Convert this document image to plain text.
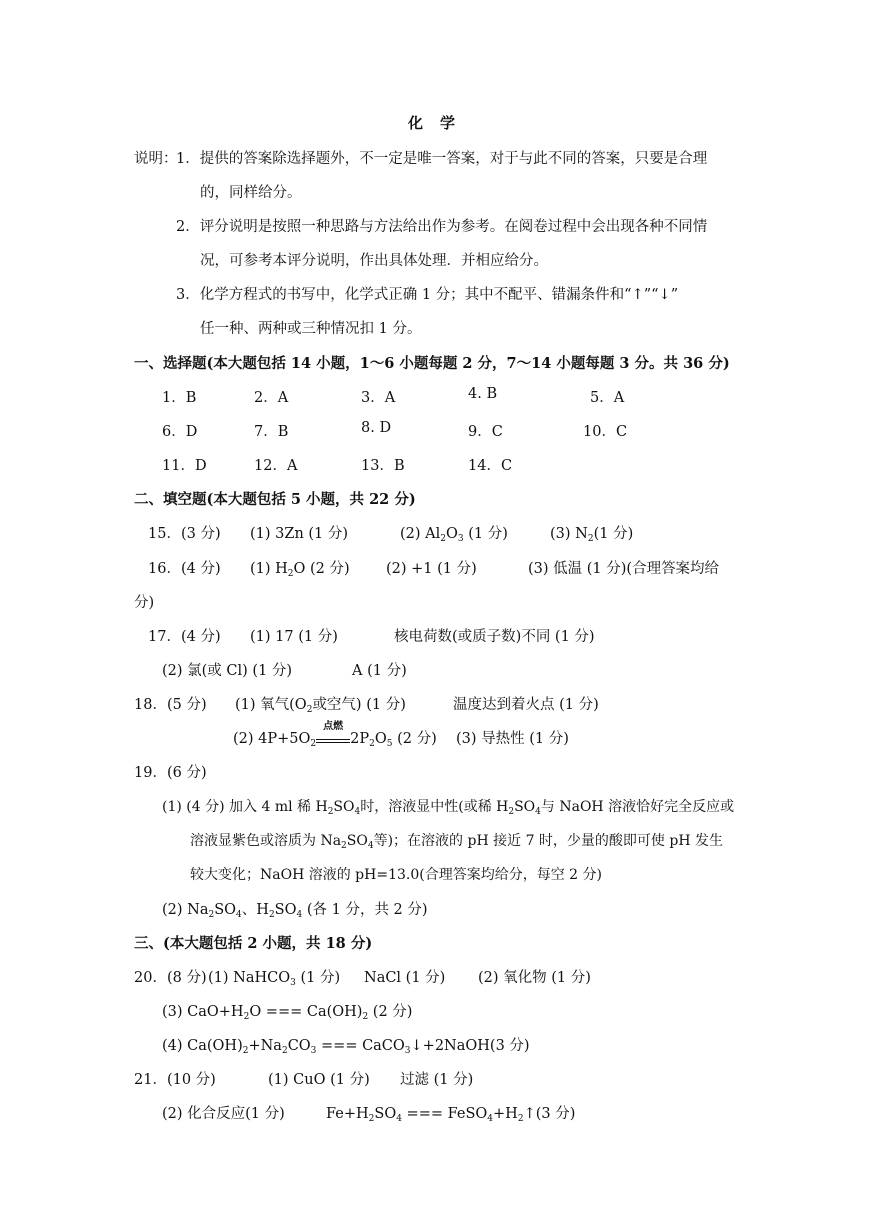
化　学
说明：
1．提供的答案除选择题外，不一定是唯一答案，对于与此不同的答案，只要是合理
的，同样给分。
2．评分说明是按照一种思路与方法给出作为参考。在阅卷过程中会出现各种不同情
况，可参考本评分说明，作出具体处理．并相应给分。
3．化学方程式的书写中，化学式正确 1 分；其中不配平、错漏条件和“↑”“↓”
任一种、两种或三种情况扣 1 分。
一、选择题(本大题包括 14 小题，1～6 小题每题 2 分，7～14 小题每题 3 分。共 36 分)
1．B	2．A	3．A	4. B	5．A
6．D	7．B	8. D	9．C	10．C
11．D	12．A	13．B	14．C
二、填空题(本大题包括 5 小题，共 22 分)
15．(3 分) (1) 3Zn (1 分)	(2) $Al_2O_3$ (1 分)	(3) $N_2(1$ 分)
16．(4 分) (1) $H_2O$ (2 分)	(2) +1 (1 分)	(3) 低温 (1 分)(合理答案均给
分)
17．(4 分) (1) 17 (1 分)	核电荷数(或质子数)不同 (1 分)
(2) 氯(或 Cl) (1 分)	A (1 分)
18．(5 分) (1) 氧气($O_2$或空气) (1 分)	温度达到着火点 (1 分)
(2) $4P+5O_2$
点燃
$2P_2O_5$ (2 分) (3) 导热性 (1 分)
19．(6 分)
(1) (4 分) 加入 4 ml 稀 $H_2SO_4$时，溶液显中性(或稀 $H_2SO_4$与 NaOH 溶液恰好完全反应或
溶液显紫色或溶质为 $Na_2SO_4$等)；在溶液的 pH 接近 7 时，少量的酸即可使 pH 发生
较大变化；NaOH 溶液的 pH=13.0(合理答案均给分，每空 2 分)
(2) $Na_2SO_4$、$H_2SO_4$ (各 1 分，共 2 分)
三、(本大题包括 2 小题，共 18 分)
20．(8 分) (1) NaHCO$_3$ (1 分) NaCl (1 分) (2) 氧化物 (1 分)
(3) $CaO+H_2O$ === $Ca(OH)_2$ (2 分)
(4) $Ca(OH)_2+Na_2CO_3$ === CaCO$_3$↓+2NaOH(3 分)
21．(10 分)	(1) CuO (1 分) 过滤 (1 分)
(2) 化合反应(1 分)	$Fe+H_2SO_4$ === $FeSO_4+H_2↑(3$ 分)
